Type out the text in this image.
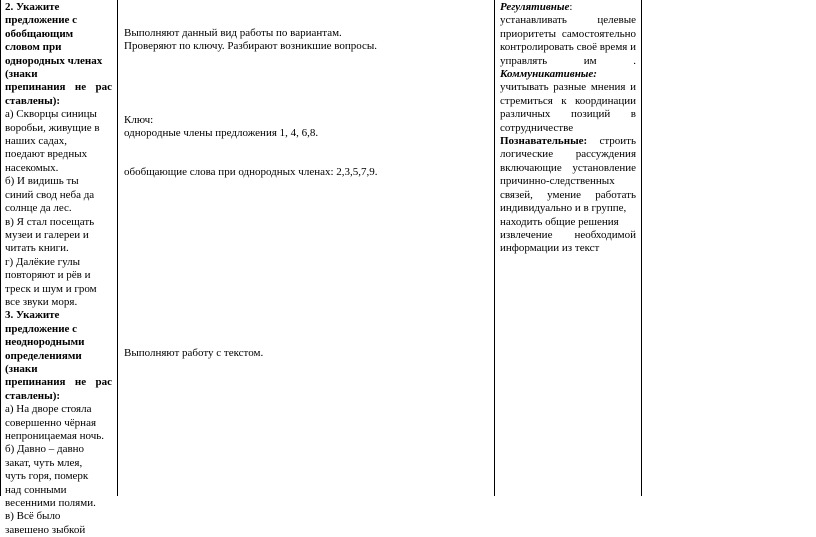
2. Укажите

предложение с

обобщающим

словом при

однородных членах

(знаки

препинания не рас

ставлены):

а) Скворцы синицы

воробьи, живущие в

наших садах,

поедают вредных

насекомых.

б) И видишь ты

синий свод неба да

солнце да лес.

в) Я стал посещать

музеи и галереи и

читать книги.

г) Далёкие гулы

повторяют и рёв и

треск и шум и гром

все звуки моря.

3. Укажите

предложение с

неоднородными

определениями

(знаки

препинания не рас

ставлены):

а) На дворе стояла

совершенно чёрная

непроницаемая ночь.

б) Давно – давно

закат, чуть млея,

чуть горя, померк

над сонными

весенними полями.

в) Всё было

завешено зыбкой

Выполняют данный вид работы по вариантам.

Проверяют по ключу. Разбирают возникшие вопросы.

Ключ:

однородные члены предложения 1, 4, 6,8.

обобщающие слова при однородных членах: 2,3,5,7,9.

Выполняют работу с текстом.

Регулятивные:

устанавливать целевые

приоритеты самостоятельно

контролировать своё время и

управлять им .

Коммуникативные:

учитывать разные мнения и

стремиться к координации

различных позиций в

сотрудничестве

Познавательные: строить

логические рассуждения

включающие установление

причинно-следственных

связей, умение работать

индивидуально и в группе,

находить общие решения

извлечение необходимой

информации из текст
